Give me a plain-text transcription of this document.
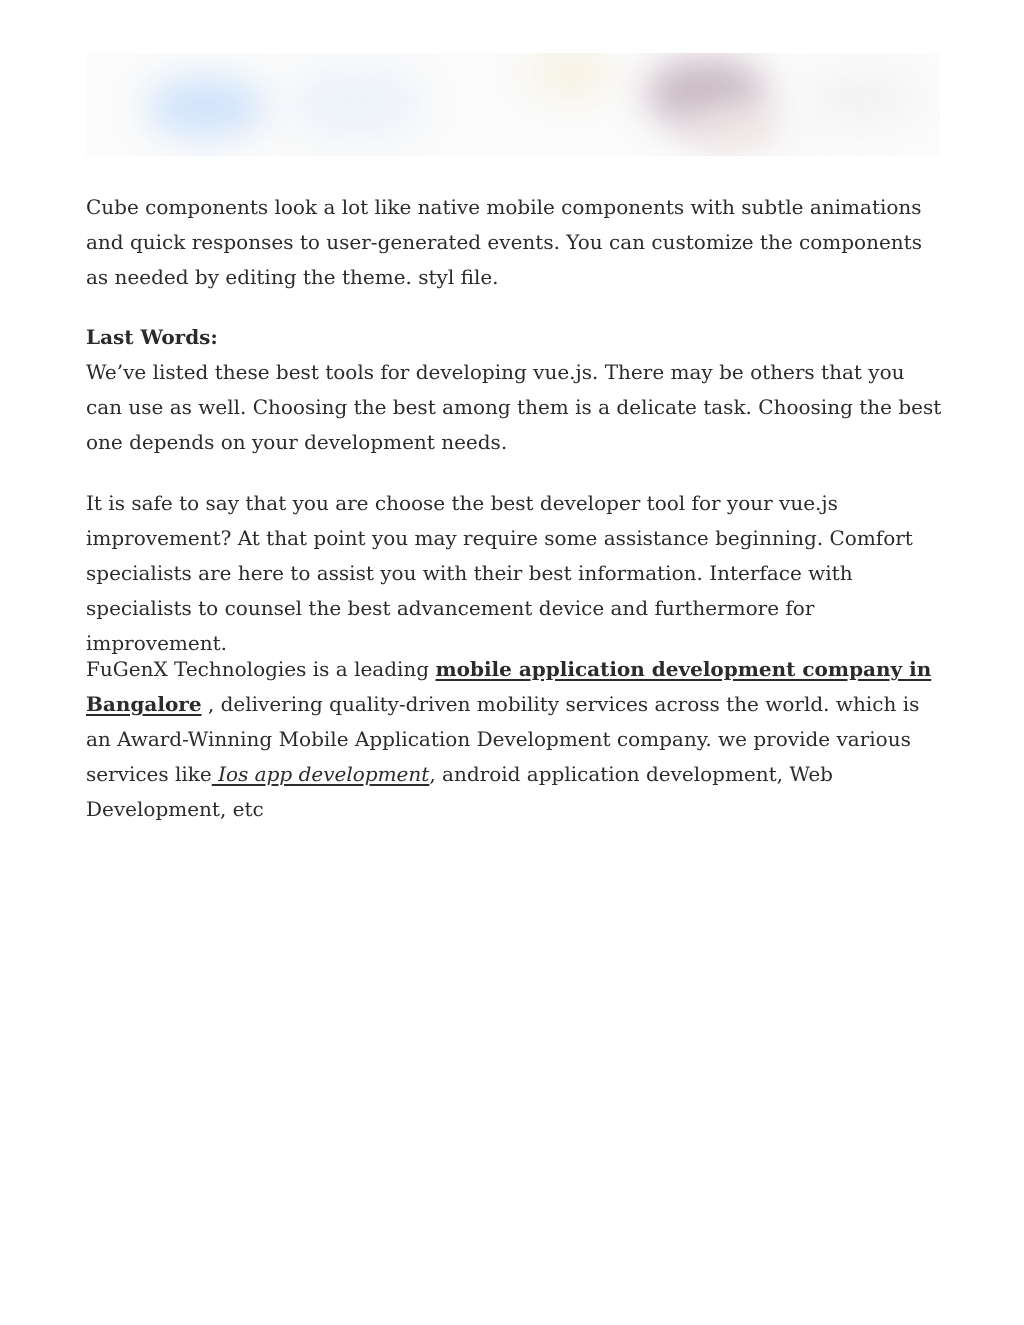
Cube components look a lot like native mobile components with subtle animations and quick responses to user-generated events. You can customize the components as needed by editing the theme. styl file.

Last Words:
We’ve listed these best tools for developing vue.js. There may be others that you can use as well. Choosing the best among them is a delicate task. Choosing the best one depends on your development needs.

It is safe to say that you are choose the best developer tool for your vue.js improvement? At that point you may require some assistance beginning. Comfort specialists are here to assist you with their best information. Interface with specialists to counsel the best advancement device and furthermore for improvement.

FuGenX Technologies is a leading mobile application development company in Bangalore , delivering quality-driven mobility services across the world. which is an Award-Winning Mobile Application Development company. we provide various services like Ios app development, android application development, Web Development, etc
